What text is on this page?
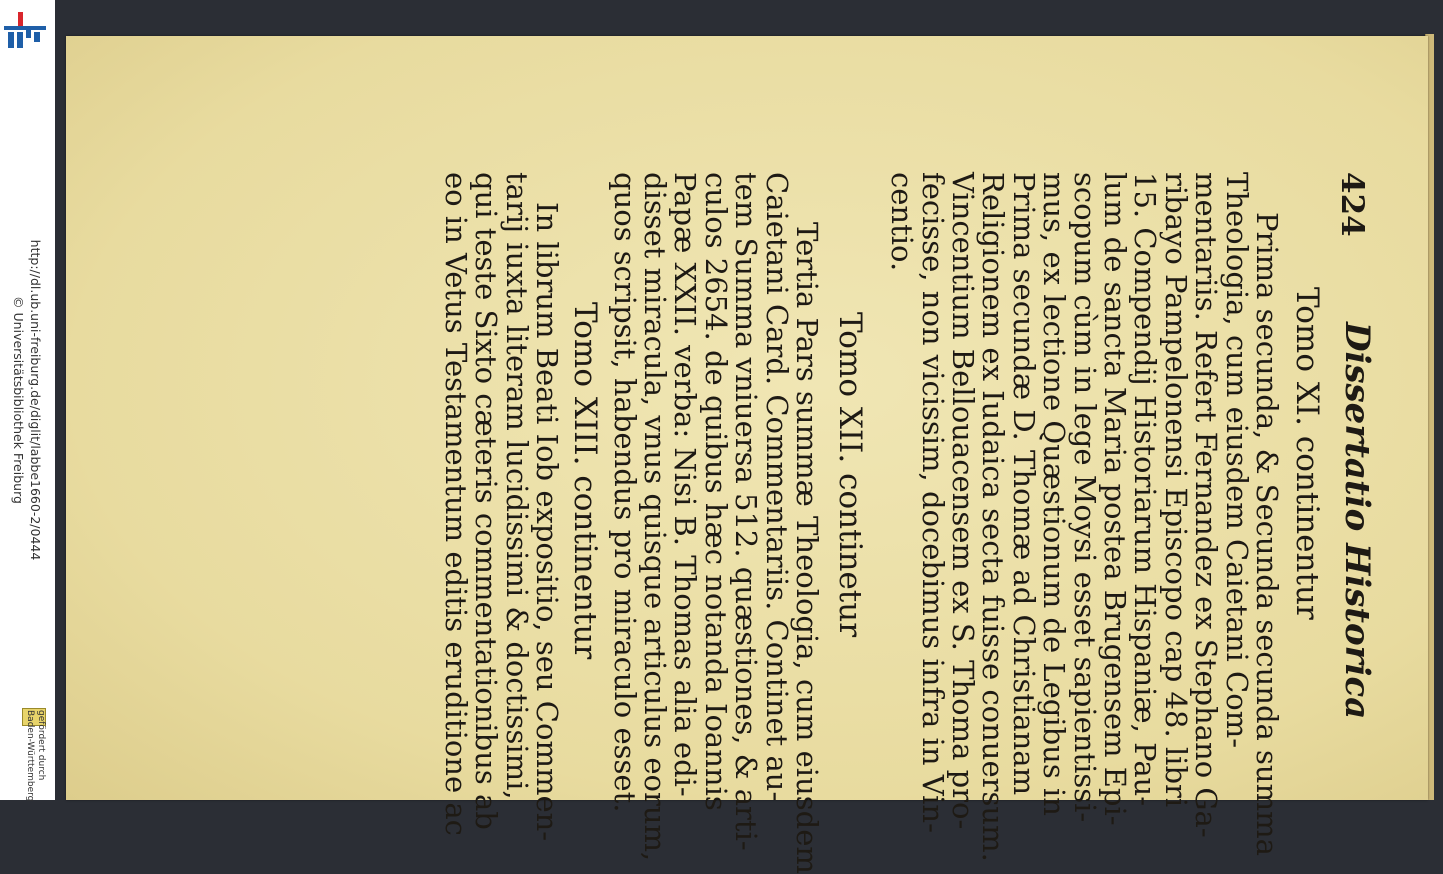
http://dl.ub.uni-freiburg.de/diglit/labbe1660-2/0444
© Universitätsbibliothek Freiburg
gefördert durch
Baden-Württemberg
424
Dissertatio Historica
Tomo XI. continentur
Prima secunda, & Secunda secunda summa
Theologia, cum eiusdem Caietani Com-
mentariis. Refert Fernandez ex Stephano Ga-
ribayo Pampelonensi Episcopo cap 48. libri
15. Compendij Historiarum Hispaniæ, Pau-
lum de sancta Maria postea Brugensem Epi-
scopum cùm in lege Moysi esset sapientissi-
mus, ex lectione Quæstionum de Legibus in
Prima secundæ D. Thomæ ad Christianam
Religionem ex Iudaica secta fuisse conuersum.
Vincentium Bellouacensem ex S. Thoma pro-
fecisse, non vicissim, docebimus infra in Vin-
centio.
Tomo XII. continetur
Tertia Pars summæ Theologia, cum eiusdem
Caietani Card. Commentariis. Continet au-
tem Summa vniuersa 512. quæstiones, & arti-
culos 2654. de quibus hæc notanda Ioannis
Papæ XXII. verba: Nisi B. Thomas alia edi-
disset miracula, vnus quisque articulus eorum,
quos scripsit, habendus pro miraculo esset.
Tomo XIII. continentur
In librum Beati Iob expositio, seu Commen-
tarij iuxta literam lucidissimi & doctissimi,
qui teste Sixto cæteris commentationibus ab
eo in Vetus Testamentum editis eruditione ac
